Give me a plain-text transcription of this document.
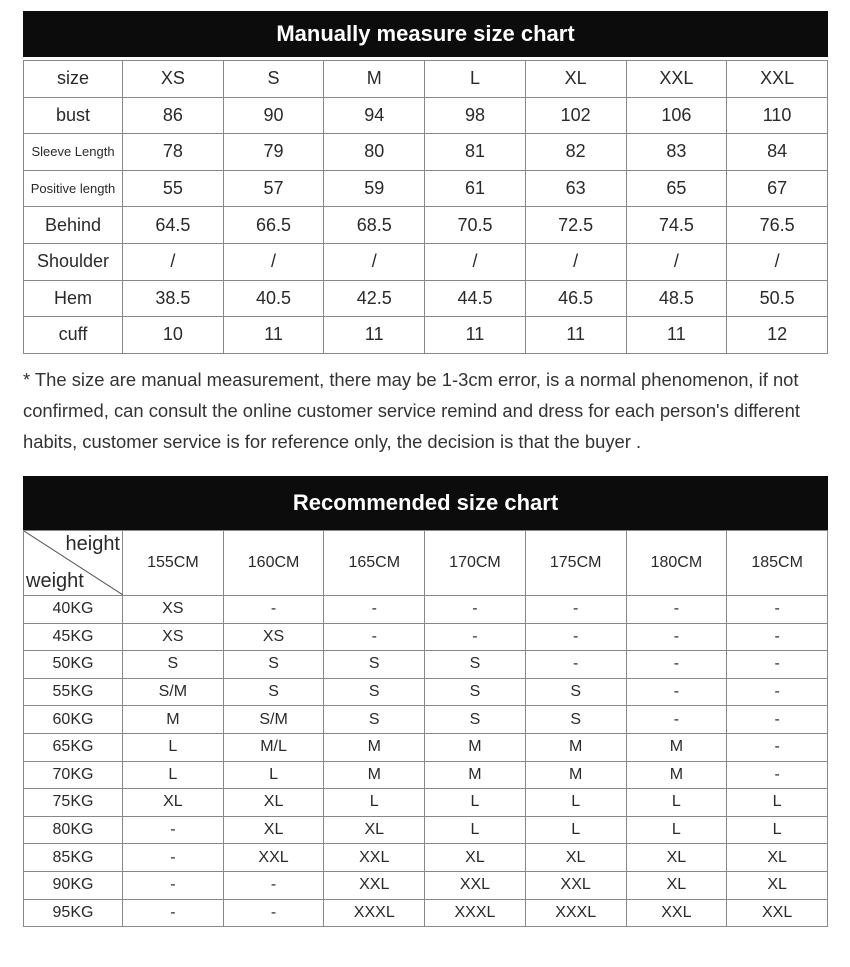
Manually measure size chart
size	XS	S	M	L	XL	XXL	XXL
bust	86	90	94	98	102	106	110
Sleeve Length	78	79	80	81	82	83	84
Positive length	55	57	59	61	63	65	67
Behind	64.5	66.5	68.5	70.5	72.5	74.5	76.5
Shoulder	/	/	/	/	/	/	/
Hem	38.5	40.5	42.5	44.5	46.5	48.5	50.5
cuff	10	11	11	11	11	11	12
* The size are manual measurement, there may be 1-3cm error, is a normal phenomenon, if not confirmed, can consult the online customer service remind and dress for each person's different habits, customer service is for reference only, the decision is that the buyer .
Recommended size chart
height
weight	155CM	160CM	165CM	170CM	175CM	180CM	185CM
40KG	XS	-	-	-	-	-	-
45KG	XS	XS	-	-	-	-	-
50KG	S	S	S	S	-	-	-
55KG	S/M	S	S	S	S	-	-
60KG	M	S/M	S	S	S	-	-
65KG	L	M/L	M	M	M	M	-
70KG	L	L	M	M	M	M	-
75KG	XL	XL	L	L	L	L	L
80KG	-	XL	XL	L	L	L	L
85KG	-	XXL	XXL	XL	XL	XL	XL
90KG	-	-	XXL	XXL	XXL	XL	XL
95KG	-	-	XXXL	XXXL	XXXL	XXL	XXL
